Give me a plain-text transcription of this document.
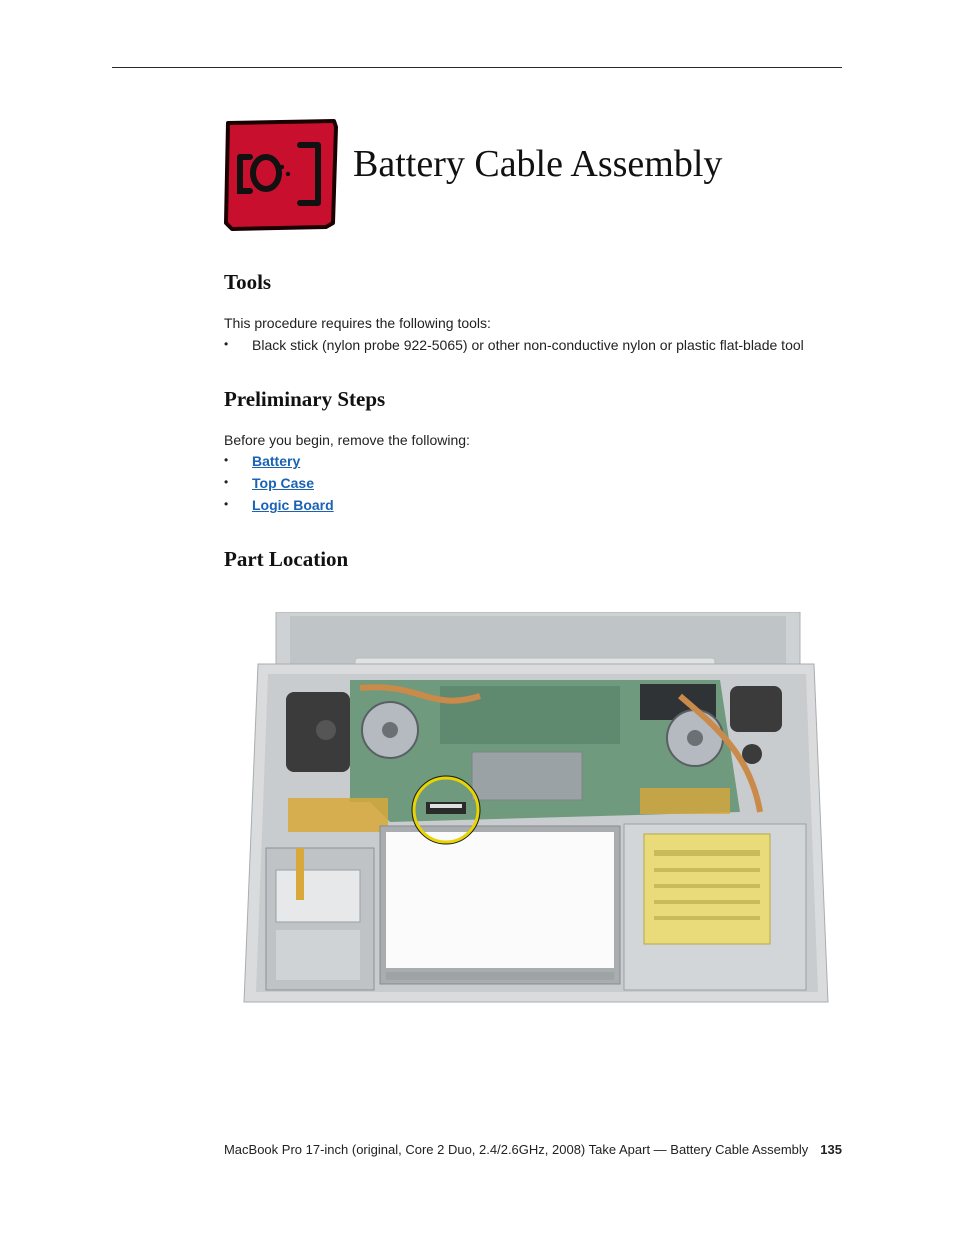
Battery Cable Assembly
Tools
This procedure requires the following tools:
• Black stick (nylon probe 922-5065) or other non-conductive nylon or plastic flat-blade tool
Preliminary Steps
Before you begin, remove the following:
• Battery
• Top Case
• Logic Board
Part Location
MacBook Pro 17-inch (original, Core 2 Duo, 2.4/2.6GHz, 2008) Take Apart — Battery Cable Assembly 135
